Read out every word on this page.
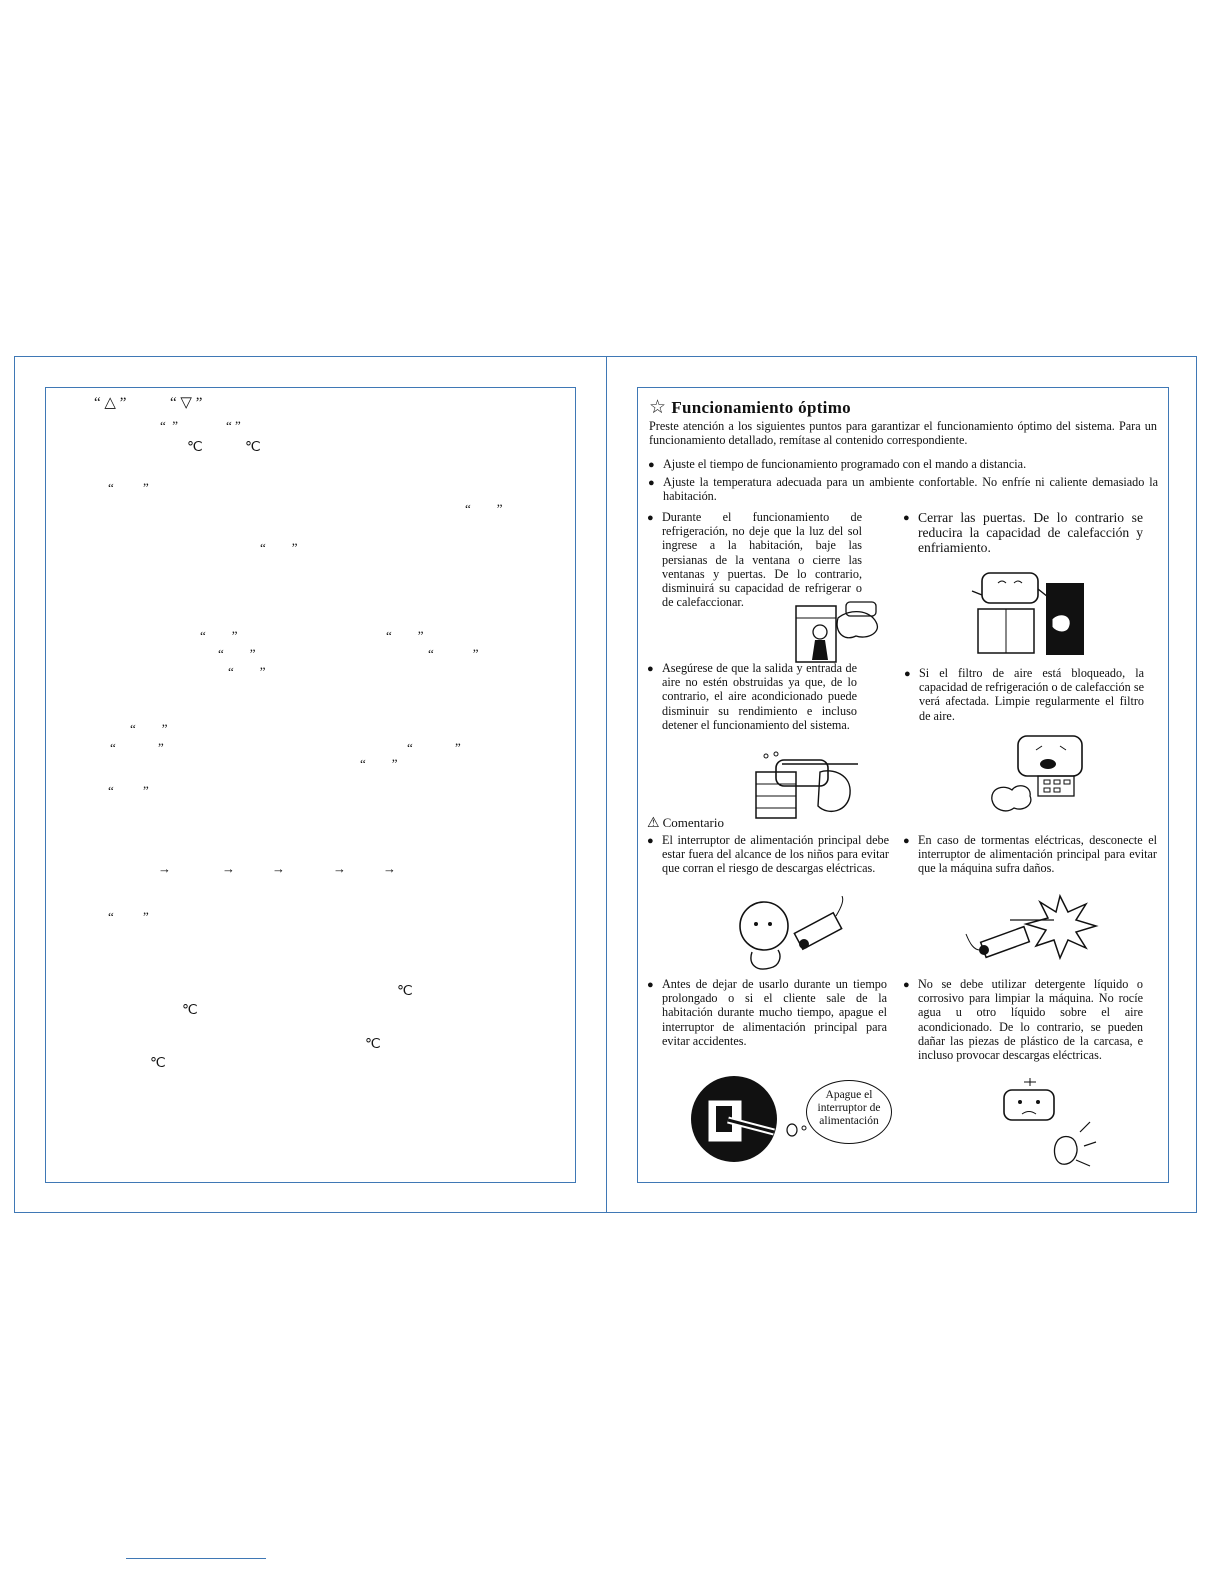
“ △ ”	“ ▽ ”
“  ”	“ ”
℃	℃
“         ”
“        ”
“        ”
“        ”	“        ”
“        ”	“            ”
“        ”
“        ”
“             ”	“             ”
“        ”
“         ”
→	→	→	→	→
“         ”
℃
℃
℃
℃
☆ Funcionamiento óptimo
Preste atención a los siguientes puntos para garantizar el funcionamiento óptimo del sistema. Para un funcionamiento detallado, remítase al contenido correspondiente.
● Ajuste el tiempo de funcionamiento programado con el mando a distancia.
● Ajuste la temperatura adecuada para un ambiente confortable. No enfríe ni caliente demasiado la habitación.
● Durante el funcionamiento de refrigeración, no deje que la luz del sol ingrese a la habitación, baje las persianas de la ventana o cierre las ventanas y puertas. De lo contrario, disminuirá su capacidad de refrigerar o de calefaccionar.
● Cerrar las puertas. De lo contrario se reducira la capacidad de calefacción y enfriamiento.
● Asegúrese de que la salida y entrada de aire no estén obstruidas ya que, de lo contrario, el aire acondicionado puede disminuir su rendimiento e incluso detener el funcionamiento del sistema.
● Si el filtro de aire está bloqueado, la capacidad de refrigeración o de calefacción se verá afectada. Limpie regularmente el filtro de aire.
⚠ Comentario
● El interruptor de alimentación principal debe estar fuera del alcance de los niños para evitar que corran el riesgo de descargas eléctricas.
● En caso de tormentas eléctricas, desconecte el interruptor de alimentación principal para evitar que la máquina sufra daños.
● Antes de dejar de usarlo durante un tiempo prolongado o si el cliente sale de la habitación durante mucho tiempo, apague el interruptor de alimentación principal para evitar accidentes.
● No se debe utilizar detergente líquido o corrosivo para limpiar la máquina. No rocíe agua u otro líquido sobre el aire acondicionado. De lo contrario, se pueden dañar las piezas de plástico de la carcasa, e incluso provocar descargas eléctricas.
OFF
Apague el interruptor de alimentación
